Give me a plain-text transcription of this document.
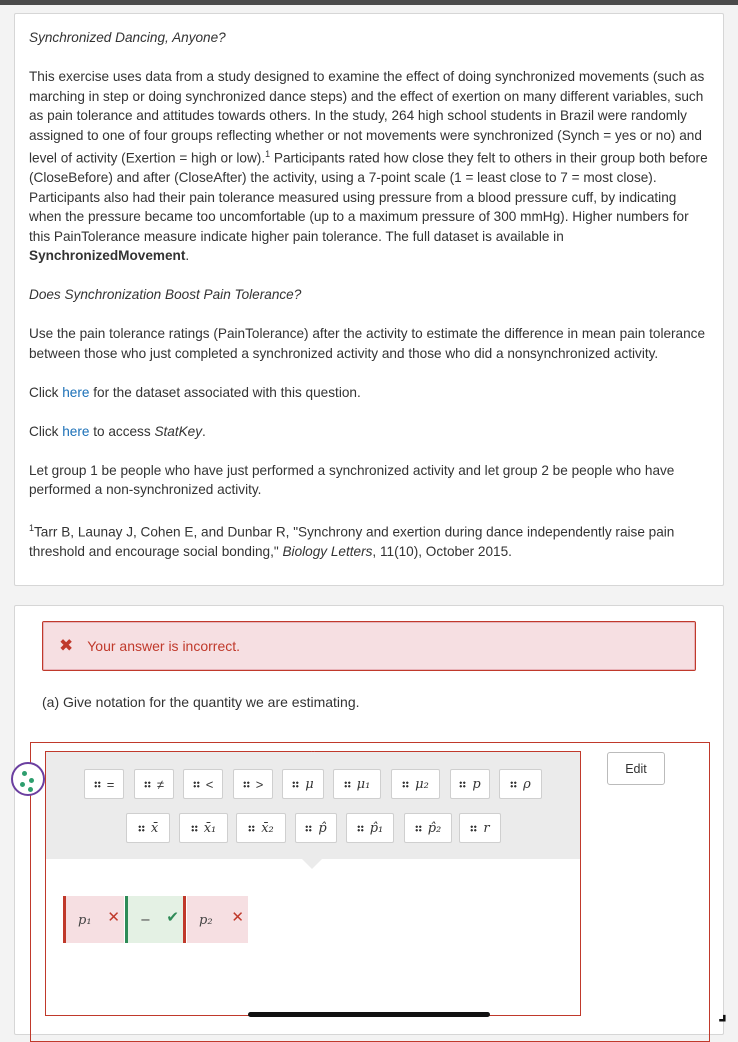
Synchronized Dancing, Anyone?

This exercise uses data from a study designed to examine the effect of doing synchronized movements (such as marching in step or doing synchronized dance steps) and the effect of exertion on many different variables, such as pain tolerance and attitudes towards others. In the study, 264 high school students in Brazil were randomly assigned to one of four groups reflecting whether or not movements were synchronized (Synch = yes or no) and level of activity (Exertion = high or low).$^1$ Participants rated how close they felt to others in their group both before (CloseBefore) and after (CloseAfter) the activity, using a 7-point scale (1 = least close to 7 = most close). Participants also had their pain tolerance measured using pressure from a blood pressure cuff, by indicating when the pressure became too uncomfortable (up to a maximum pressure of 300 mmHg). Higher numbers for this PainTolerance measure indicate higher pain tolerance. The full dataset is available in SynchronizedMovement.

Does Synchronization Boost Pain Tolerance?

Use the pain tolerance ratings (PainTolerance) after the activity to estimate the difference in mean pain tolerance between those who just completed a synchronized activity and those who did a nonsynchronized activity.

Click here for the dataset associated with this question.

Click here to access StatKey.

Let group 1 be people who have just performed a synchronized activity and let group 2 be people who have performed a non-synchronized activity.

$^1$Tarr B, Launay J, Cohen E, and Dunbar R, "Synchrony and exertion during dance independently raise pain threshold and encourage social bonding," Biology Letters, 11(10), October 2015.

✖ Your answer is incorrect.
(a) Give notation for the quantity we are estimating.
Edit
=	≠	<	>	μ	μ₁	μ₂	p	ρ
x̄	x̄₁	x̄₂	p̂	p̂₁	p̂₂	r
p₁ ✕ − ✔ p₂ ✕
⌟
